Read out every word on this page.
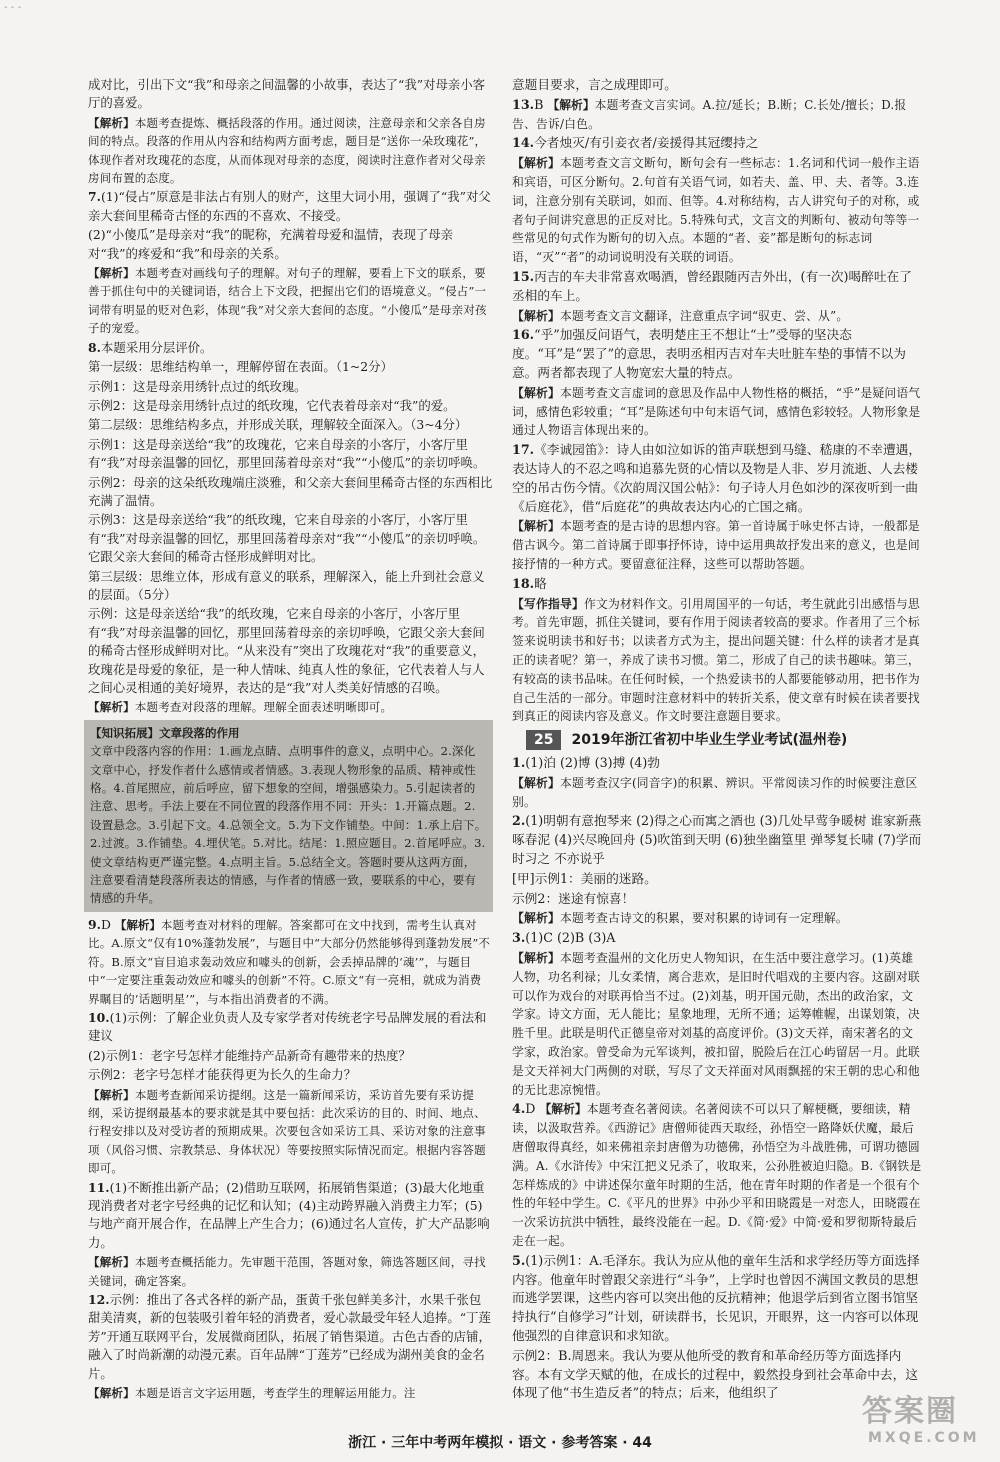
- - -

成对比，引出下文“我”和母亲之间温馨的小故事，表达了“我”对母亲小客厅的喜爱。

【解析】本题考查提炼、概括段落的作用。通过阅读，注意母亲和父亲各自房间的特点。段落的作用从内容和结构两方面考虑，题目是“送你一朵玫瑰花”，体现作者对玫瑰花的态度，从而体现对母亲的态度，阅读时注意作者对父母亲房间布置的态度。

7.(1)“侵占”原意是非法占有别人的财产，这里大词小用，强调了“我”对父亲大套间里稀奇古怪的东西的不喜欢、不接受。

(2)“小傻瓜”是母亲对“我”的昵称，充满着母爱和温情，表现了母亲对“我”的疼爱和“我”和母亲的关系。

【解析】本题考查对画线句子的理解。对句子的理解，要看上下文的联系，要善于抓住句中的关键词语，结合上下文段，把握出它们的语境意义。“侵占”一词带有明显的贬对色彩，体现“我”对父亲大套间的态度。“小傻瓜”是母亲对孩子的宠爱。

8.本题采用分层评价。

第一层级：思维结构单一，理解停留在表面。（1~2分）

示例1：这是母亲用绣针点过的纸玫瑰。

示例2：这是母亲用绣针点过的纸玫瑰，它代表着母亲对“我”的爱。

第二层级：思维结构多点，并形成关联，理解较全面深入。（3~4分）

示例1：这是母亲送给“我”的玫瑰花，它来自母亲的小客厅，小客厅里有“我”对母亲温馨的回忆，那里回荡着母亲对“我”“小傻瓜”的亲切呼唤。

示例2：母亲的这朵纸玫瑰端庄淡雅，和父亲大套间里稀奇古怪的东西相比充满了温情。

示例3：这是母亲送给“我”的纸玫瑰，它来自母亲的小客厅，小客厅里有“我”对母亲温馨的回忆，那里回荡着母亲对“我”“小傻瓜”的亲切呼唤。它跟父亲大套间的稀奇古怪形成鲜明对比。

第三层级：思维立体，形成有意义的联系，理解深入，能上升到社会意义的层面。（5分）

示例：这是母亲送给“我”的纸玫瑰，它来自母亲的小客厅，小客厅里有“我”对母亲温馨的回忆，那里回荡着母亲的亲切呼唤，它跟父亲大套间的稀奇古怪形成鲜明对比。“从来没有”突出了玫瑰花对“我”的重要意义，玫瑰花是母爱的象征，是一种人情味、纯真人性的象征，它代表着人与人之间心灵相通的美好境界，表达的是“我”对人类美好情感的召唤。

【解析】本题考查对段落的理解。理解全面表述明晰即可。

【知识拓展】文章段落的作用
文章中段落内容的作用：1.画龙点睛、点明事件的意义，点明中心。2.深化文章中心，抒发作者什么感情或者情感。3.表现人物形象的品质、精神或性格。4.首尾照应，前后呼应，留下想象的空间，增强感染力。5.引起读者的注意、思考。手法上要在不同位置的段落作用不同：开头：1.开篇点题。2.设置悬念。3.引起下文。4.总领全文。5.为下文作铺垫。中间：1.承上启下。2.过渡。3.作铺垫。4.埋伏笔。5.对比。结尾：1.照应题目。2.首尾呼应。3.使文章结构更严谨完整。4.点明主旨。5.总结全文。答题时要从这两方面，注意要看清楚段落所表达的情感，与作者的情感一致，要联系的中心，要有情感的升华。

9.D 【解析】本题考查对材料的理解。答案都可在文中找到，需考生认真对比。A.原文“仅有10%蓬勃发展”，与题目中“大部分仍然能够得到蓬勃发展”不符。B.原文“盲目追求轰动效应和噱头的创新，会丢掉品牌的‘魂’”，与题目中“一定要注重轰动效应和噱头的创新”不符。C.原文“有一亮相，就成为消费界瞩目的‘话题明星’”，与本指出消费者的不满。

10.(1)示例：了解企业负责人及专家学者对传统老字号品牌发展的看法和建议

(2)示例1：老字号怎样才能维持产品新奇有趣带来的热度？

示例2：老字号怎样才能获得更为长久的生命力？

【解析】本题考查新闻采访提纲。这是一篇新闻采访，采访首先要有采访提纲，采访提纲最基本的要求就是其中要包括：此次采访的目的、时间、地点、行程安排以及对受访者的预期成果。次要包含如采访工具、采访对象的注意事项（风俗习惯、宗教禁忌、身体状况）等要按照实际情况而定。根据内容答题即可。

11.(1)不断推出新产品；(2)借助互联网，拓展销售渠道；(3)最大化地重现消费者对老字号经典的记忆和认知；(4)主动跨界融入消费主力军；(5)与地产商开展合作，在品牌上产生合力；(6)通过名人宣传，扩大产品影响力。

【解析】本题考查概括能力。先审题干范围，答题对象，筛选答题区间，寻找关键词，确定答案。

12.示例：推出了各式各样的新产品，蛋黄千张包鲜美多汁，水果千张包甜美清爽，新的包装吸引着年轻的消费者，爱心款最受年轻人追捧。“丁莲芳”开通互联网平台，发展微商团队，拓展了销售渠道。古色古香的店铺，融入了时尚新潮的动漫元素。百年品牌“丁莲芳”已经成为湖州美食的金名片。

【解析】本题是语言文字运用题，考查学生的理解运用能力。注

意题目要求，言之成理即可。

13.B 【解析】本题考查文言实词。A.拉/延长；B.断；C.长处/擅长；D.报告、告诉/白色。

14.今者烛灭/有引妾衣者/妾援得其冠缨持之

【解析】本题考查文言文断句，断句会有一些标志：1.名词和代词一般作主语和宾语，可区分断句。2.句首有关语气词，如若夫、盖、甲、夫、者等。3.连词，注意分别有关联词，如而、但等。4.对称结构，古人讲究句子的对称，或者句子间讲究意思的正反对比。5.特殊句式，文言文的判断句、被动句等等一些常见的句式作为断句的切入点。本题的“者、妾”都是断句的标志词语，“灭”“者”的动词说明没有关联的词语。

15.丙吉的车夫非常喜欢喝酒，曾经跟随丙吉外出，(有一次)喝醉吐在了丞相的车上。

【解析】本题考查文言文翻译，注意重点字词“驭吏、尝、从”。

16.“乎”加强反问语气，表明楚庄王不想让“士”受辱的坚决态度。“耳”是“罢了”的意思，表明丞相丙吉对车夫吐脏车垫的事情不以为意。两者都表现了人物宽宏大量的特点。

【解析】本题考查文言虚词的意思及作品中人物性格的概括，“乎”是疑问语气词，感情色彩较重；“耳”是陈述句中句末语气词，感情色彩较轻。人物形象是通过人物语言体现出来的。

17.《李诚园笛》：诗人由如泣如诉的笛声联想到马缝、嵇康的不幸遭遇，表达诗人的不忍之鸣和追慕先贤的心情以及物是人非、岁月流逝、人去楼空的吊古伤今情。《次韵周汉国公帖》：句子诗人月色如沙的深夜听到一曲《后庭花》，借“后庭花”的典故表达内心的亡国之痛。

【解析】本题考查的是古诗的思想内容。第一首诗属于咏史怀古诗，一般都是借古讽今。第二首诗属于即事抒怀诗，诗中运用典故抒发出来的意义，也是间接抒情的一种方式。要留意征注释，这些可以帮助答题。

18.略

【写作指导】作文为材料作文。引用周国平的一句话，考生就此引出感悟与思考。首先审题，抓住关键词，要有作用于阅读者较高的要求。作者用了三个标签来说明读书和好书；以读者方式为主，提出问题关键：什么样的读者才是真正的读者呢？第一，养成了读书习惯。第二，形成了自己的读书趣味。第三，有较高的读书品味。在任何时候，一个热爱读书的人都要能够动用，把书作为自己生活的一部分。审题时注意材料中的转折关系，使文章有时候在读者要找到真正的阅读内容及意义。作文时要注意题目要求。

25	2019年浙江省初中毕业生学业考试(温州卷)

1.(1)泊 (2)博 (3)搏 (4)勃

【解析】本题考查汉字(同音字)的积累、辨识。平常阅读习作的时候要注意区别。

2.(1)明朝有意抱琴来 (2)得之心而寓之酒也 (3)几处早莺争暖树 谁家新燕啄春泥 (4)兴尽晚回舟 (5)吹笛到天明 (6)独坐幽篁里 弹琴复长啸 (7)学而时习之 不亦说乎

[甲]示例1：美丽的迷路。

示例2：迷途有惊喜！

【解析】本题考查古诗文的积累，要对积累的诗词有一定理解。

3.(1)C (2)B (3)A

【解析】本题考查温州的文化历史人物知识，在生活中要注意学习。(1)英雄人物，功名利禄；儿女柔情，离合悲欢，是旧时代唱戏的主要内容。这副对联可以作为戏台的对联再恰当不过。(2)刘基，明开国元勋，杰出的政治家，文学家。诗文方面，无人能比；星象地理，无所不通；运筹帷幄，出谋划策，决胜千里。此联是明代正德皇帝对刘基的高度评价。(3)文天祥，南宋著名的文学家，政治家。曾受命为元军谈判，被扣留，脱险后在江心屿留居一月。此联是文天祥祠大门两侧的对联，写尽了文天祥面对风雨飘摇的宋王朝的忠心和他的无比悲凉惋惜。

4.D 【解析】本题考查名著阅读。名著阅读不可以只了解梗概，要细读，精读，以汲取营养。《西游记》唐僧师徒西天取经，孙悟空一路降妖伏魔，最后唐僧取得真经，如来佛祖亲封唐僧为功德佛，孙悟空为斗战胜佛，可谓功德圆满。A.《水浒传》中宋江把义兄杀了，收取来，公孙胜被迫归隐。B.《钢铁是怎样炼成的》中讲述保尔童年时期的生活，他在青年时期的作者是一个很有个性的年轻中学生。C.《平凡的世界》中孙少平和田晓霞是一对恋人，田晓霞在一次采访抗洪中牺牲，最终没能在一起。D.《简·爱》中简·爱和罗彻斯特最后走在一起。

5.(1)示例1：A.毛泽东。我认为应从他的童年生活和求学经历等方面选择内容。他童年时曾跟父亲进行“斗争”，上学时也曾因不满国文教员的思想而逃学罢课，这些内容可以突出他的反抗精神；他退学后到省立图书馆坚持执行“自修学习”计划，研读群书，长见识，开眼界，这一内容可以体现他强烈的自律意识和求知欲。

示例2：B.周恩来。我认为要从他所受的教育和革命经历等方面选择内容。本有文学天赋的他，在成长的过程中，毅然投身到社会革命中去，这体现了他“书生造反者”的特点；后来，他组织了

浙江 · 三年中考两年模拟 · 语文 · 参考答案 · 44
答案圈
MXQE.COM
